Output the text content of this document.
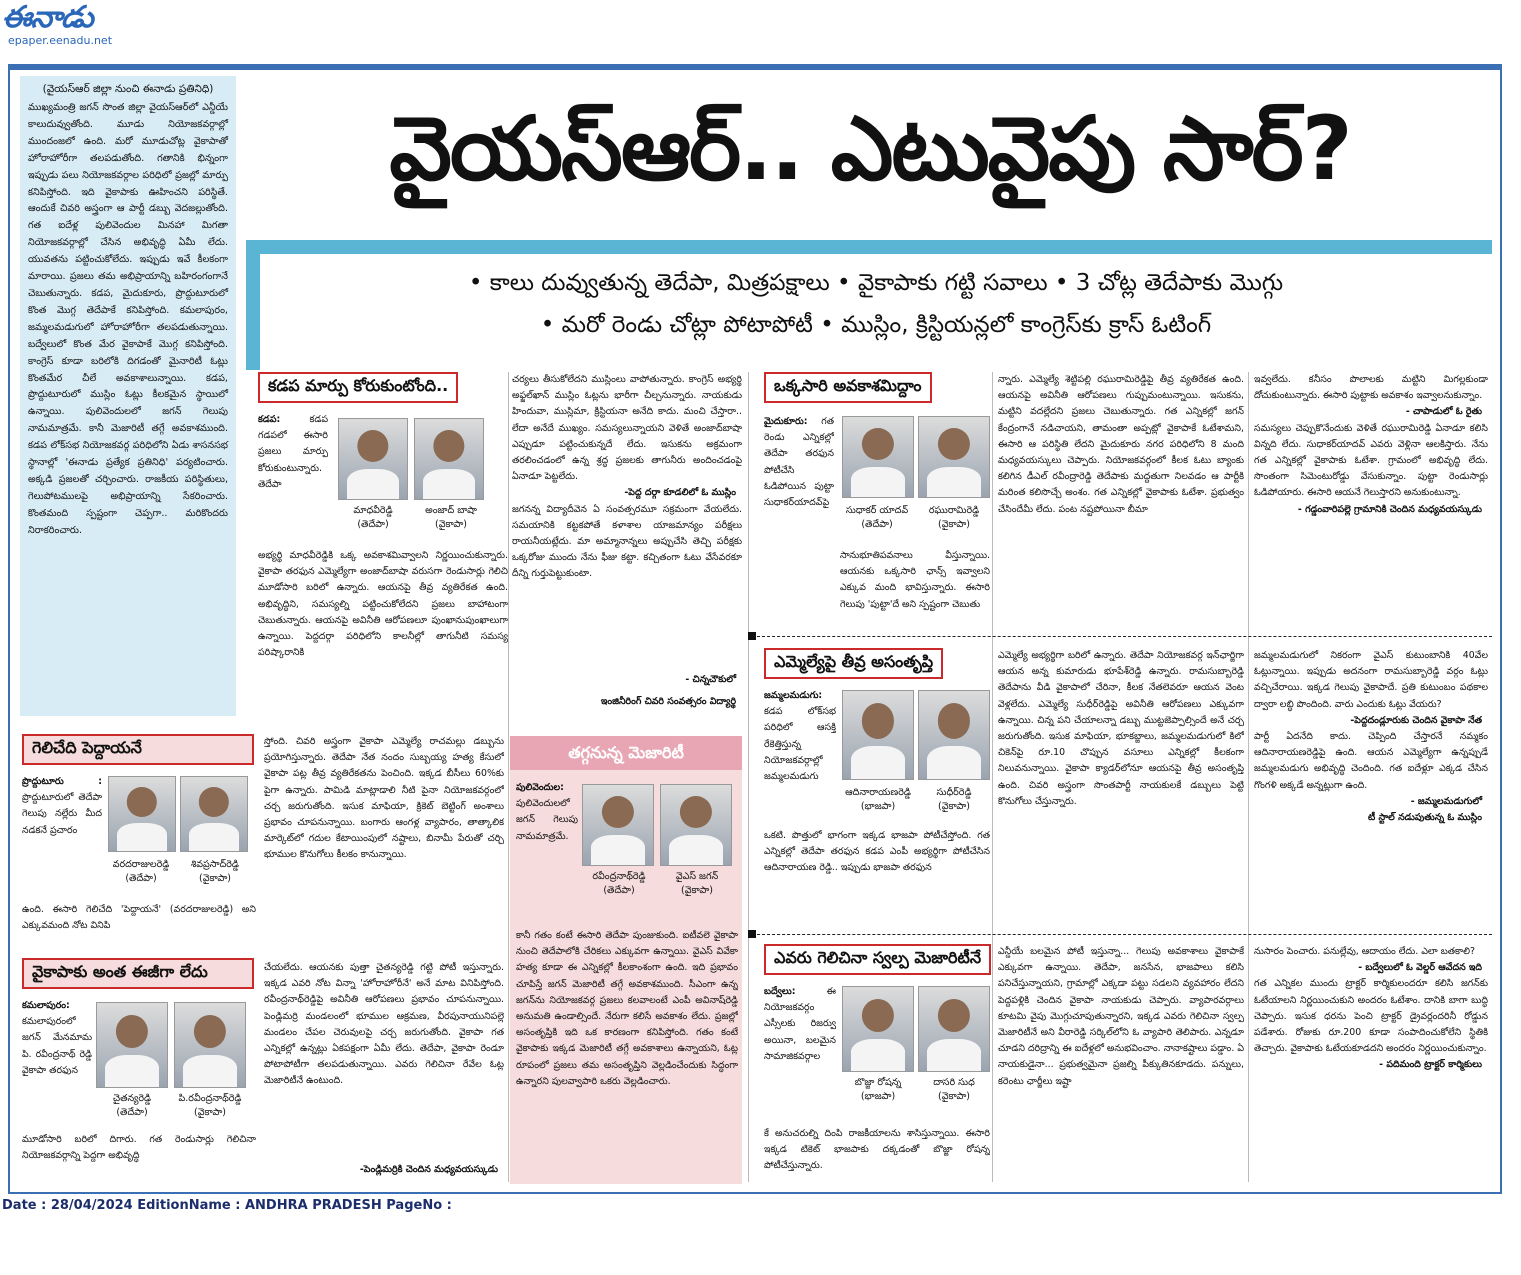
ఈనాడు
epaper.eenadu.net
(వైయస్‌ఆర్‌ జిల్లా నుంచి ఈనాడు ప్రతినిధి)
ముఖ్యమంత్రి జగన్‌ సొంత జిల్లా వైయస్‌ఆర్‌లో ఎన్డీయే కాలుదువ్వుతోంది. మూడు నియోజకవర్గాల్లో ముందంజలో ఉంది. మరో మూడుచోట్ల వైకాపాతో హోరాహోరీగా తలపడుతోంది. గతానికి భిన్నంగా ఇప్పుడు పలు నియోజకవర్గాల పరిధిలో ప్రజల్లో మార్పు కనిపిస్తోంది. ఇది వైకాపాకు ఊహించని పరిస్థితే. ఆందుకే చివరి అస్త్రంగా ఆ పార్టీ డబ్బు వెదజల్లుతోంది. గత ఐదేళ్ల పులివెందుల మినహా మిగతా నియోజకవర్గాల్లో చేసిన అభివృద్ధి ఏమీ లేదు. యువతను పట్టించుకోలేదు. ఇప్పుడు ఇవే కీలకంగా మారాయి. ప్రజలు తమ అభిప్రాయాన్ని బహిరంగంగానే చెబుతున్నారు. కడప, మైదుకూరు, ప్రొద్దుటూరులో కొంత మొగ్గ తెదేపాకే కనిపిస్తోంది. కమలాపురం, జమ్మలమడుగులో హోరాహోరీగా తలపడుతున్నాయి. బద్వేలులో కొంత మేర వైకాపాకే మొగ్గ కనిపిస్తోంది. కాంగ్రెస్‌ కూడా బరిలోకి దిగడంతో మైనారిటీ ఓట్లు కొంతమేర చీలే అవకాశాలున్నాయి. కడప, ప్రొద్దుటూరులో ముస్లిం ఓట్లు కీలకమైన స్థాయిలో ఉన్నాయి. పులివెందులలో జగన్‌ గెలుపు నామమాత్రమే. కానీ మెజారిటీ తగ్గే అవకాశముంది. కడప లోక్‌సభ నియోజకవర్గ పరిధిలోని ఏడు శాసనసభ స్థానాల్లో 'ఈనాడు ప్రత్యేక ప్రతినిధి' పర్యటించారు. అక్కడి ప్రజలతో చర్చించారు. రాజకీయ పరిస్థితులు, గెలుపోటములపై అభిప్రాయాన్ని సేకరించారు. కొంతమంది స్పష్టంగా చెప్పగా.. మరికొందరు నిరాకరించారు.
వైయస్‌ఆర్‌.. ఎటువైపు సార్‌?
• కాలు దువ్వుతున్న తెదేపా, మిత్రపక్షాలు • వైకాపాకు గట్టి సవాలు • 3 చోట్ల తెదేపాకు మొగ్గు
• మరో రెండు చోట్లా పోటాపోటీ • ముస్లిం, క్రిస్టియన్లలో కాంగ్రెస్‌కు క్రాస్‌ ఓటింగ్‌
కడప మార్పు కోరుకుంటోంది..
కడప:	కడప గడపలో ఈసారి ప్రజలు మార్పు కోరుకుంటున్నారు. తెదేపా
మాధవీరెడ్డి
(తెదేపా)
అంజాద్‌ బాషా
(వైకాపా)
అభ్యర్థి మాధవీరెడ్డికి ఒక్క అవకాశమివ్వాలని నిర్ణయించుకున్నారు. వైకాపా తరఫున ఎమ్మెల్యేగా అంజాద్‌బాషా వరుసగా రెండుసార్లు గెలిచి మూడోసారి బరిలో ఉన్నారు. ఆయనపై తీవ్ర వ్యతిరేకత ఉంది. అభివృద్ధిని, సమస్యల్ని పట్టించుకోలేదని ప్రజలు బాహాటంగా చెబుతున్నారు. ఆయనపై అవినీతి ఆరోపణలూ పుంఖానుపుంఖాలుగా ఉన్నాయి. పెద్దదర్గా పరిధిలోని కాలనీల్లో తాగునీటి సమస్య పరిష్కారానికి
చర్యలు తీసుకోలేదని ముస్లింలు వాపోతున్నారు. కాంగ్రెస్‌ అభ్యర్థి అఫ్జల్‌ఖాన్‌ ముస్లిం ఓట్లను భారీగా చీల్చనున్నారు. నాయకుడు హిందువా, ముస్లిమా, క్రిస్టియనా అనేది కాదు. మంచి చేస్తారా.. లేదా అనేదే ముఖ్యం. సమస్యలున్నాయని వెళితే అంజాద్‌బాషా ఎప్పుడూ పట్టించుకున్నదే లేదు. ఇసుకను అక్రమంగా తరలించడంలో ఉన్న శ్రద్ధ ప్రజలకు తాగునీరు అందించడంపై ఏనాడూ పెట్టలేదు.
-పెద్ద దర్గా కూడలిలో ఓ ముస్లిం
జగనన్న విద్యాదీవెన ఏ సంవత్సరమూ సక్రమంగా వేయలేదు. సమయానికి కట్టకపోతే కళాశాల యాజమాన్యం పరీక్షలు రాయనీయట్లేదు. మా అమ్మానాన్నలు అప్పుచేసి తెచ్చి పరీక్షకు ఒక్కరోజు ముందు నేను ఫీజు కట్టా. కచ్చితంగా ఓటు వేసేవరకూ దీన్ని గుర్తుపెట్టుకుంటా.
- చిన్నచౌకులో
ఇంజినీరింగ్‌ చివరి సంవత్సరం విద్యార్థి
గెలిచేది పెద్దాయనే
ప్రొద్దుటూరు : ప్రొద్దుటూరులో తెదేపా గెలుపు నల్లేరు మీద నడకనే ప్రచారం
వరదరాజులరెడ్డి
(తెదేపా)
శివప్రసాద్‌రెడ్డి
(వైకాపా)
ఉంది. ఈసారి గెలిచేది 'పెద్దాయనే' (వరదరాజులరెడ్డి) అని ఎక్కువమంది నోట వినిపి
స్తోంది. చివరి అస్త్రంగా వైకాపా ఎమ్మెల్యే రాచమల్లు డబ్బును ప్రయోగిస్తున్నారు. తెదేపా నేత నందం సుబ్బయ్య హత్య కేసులో వైకాపా పట్ల తీవ్ర వ్యతిరేకతను పెంచింది. ఇక్కడ బీసీలు 60%కు పైగా ఉన్నారు. పామిడి మాట్లాడాలి నీటి పైనా నియోజకవర్గంలో చర్చ జరుగుతోంది. ఇసుక మాఫియా, క్రికెట్‌ బెట్టింగ్‌ అంశాలు ప్రభావం చూపనున్నాయి. బంగారు ఆంగళ్ల వ్యాపారం, తాత్కాలిక మార్కెట్‌లో గదుల కేటాయింపులో నష్టాలు, బినామీ పేరుతో చర్చి భూముల కొనుగోలు కీలకం కానున్నాయి.
వైకాపాకు అంత ఈజీగా లేదు
కమలాపురం: కమలాపురంలో జగన్‌ మేనమామ పి. రవీంద్రనాథ్‌ రెడ్డి వైకాపా తరఫున
చైతన్యరెడ్డి
(తెదేపా)
పి.రవీంద్రనాథ్‌రెడ్డి
(వైకాపా)
మూడోసారి బరిలో దిగారు. గత రెండుసార్లు గెలిచినా నియోజకవర్గాన్ని పెద్దగా అభివృద్ధి
చేయలేదు. ఆయనకు పుత్తా చైతన్యరెడ్డి గట్టి పోటీ ఇస్తున్నారు. ఇక్కడ ఎవరి నోట విన్నా 'హోరాహోరీనే' అనే మాట వినిపిస్తోంది. రవీంద్రనాథ్‌రెడ్డిపై అవినీతి ఆరోపణలు ప్రభావం చూపనున్నాయి. పెండ్లిమర్రి మండలంలో భూముల ఆక్రమణ, వీరపునాయునిపల్లె మండలం చేపల చెరువులపై చర్చ జరుగుతోంది. వైకాపా గత ఎన్నికల్లో ఉన్నట్లు ఏకపక్షంగా ఏమీ లేదు. తెదేపా, వైకాపా రెండూ పోటాపోటీగా తలపడుతున్నాయి. ఎవరు గెలిచినా రేవేల ఓట్ల మెజారిటీనే ఉంటుంది.
-పెండ్లిమర్రికి చెందిన మధ్యవయస్కుడు
తగ్గనున్న మెజారిటీ
పులివెందుల: పులివెందులలో జగన్‌ గెలుపు నామమాత్రమే.
రవీంద్రనాథ్‌రెడ్డి
(తెదేపా)
వైఎస్‌ జగన్‌
(వైకాపా)
కానీ గతం కంటే ఈసారి తెదేపా పుంజుకుంది. ఐటీవలె వైకాపా నుంచి తెదేపాలోకి చేరికలు ఎక్కువగా ఉన్నాయి. వైఎస్‌ వివేకా హత్య కూడా ఈ ఎన్నికల్లో కీలకాంశంగా ఉంది. ఇది ప్రభావం చూపిస్తే జగన్‌ మెజారిటీ తగ్గే అవకాశముంది. సీఎంగా ఉన్న జగన్‌ను నియోజకవర్గ ప్రజలు కలవాలంటే ఎంపీ అవినాష్‌రెడ్డి అనుమతి ఉండాల్సిందే. నేరుగా కలిసే అవకాశం లేదు. ప్రజల్లో అసంతృప్తికి ఇది ఒక కారణంగా కనిపిస్తోంది. గతం కంటే వైకాపాకు ఇక్కడ మెజారిటీ తగ్గే అవకాశాలు ఉన్నాయని, ఓట్ల రూపంలో ప్రజలు తమ అసంతృప్తిని వెల్లడించేందుకు సిద్ధంగా ఉన్నారని పులవ్వాపారి ఒకరు వెల్లడించారు.
ఒక్కసారి అవకాశమిద్దాం
మైదుకూరు: గత రెండు ఎన్నికల్లో తెదేపా తరఫున పోటీచేసి ఓడిపోయిన పుట్టా సుధాకర్‌యాదవ్‌పై
సుధాకర్‌ యాదవ్‌
(తెదేపా)
రఘురామిరెడ్డి
(వైకాపా)
సానుభూతిపవనాలు వీస్తున్నాయి. ఆయనకు ఒక్కసారి ఛాన్స్‌ ఇవ్వాలని ఎక్కువ మంది భావిస్తున్నారు. ఈసారి గెలుపు 'పుట్టా'దే అని స్పష్టంగా చెబుతు
న్నారు. ఎమ్మెల్యే శెట్టిపల్లి రఘురామిరెడ్డిపై తీవ్ర వ్యతిరేకత ఉంది. ఆయనపై అవినీతి ఆరోపణలు గుప్పుమంటున్నాయి. ఇసుకను, మట్టిని వదల్లేదని ప్రజలు చెబుతున్నారు. గత ఎన్నికల్లో జగన్‌ కేంద్రంగానే నడిచాయని, తామంతా అప్పట్లో వైకాపాకే ఓటేశామని, ఈసారి ఆ పరిస్థితి లేదని మైదుకూరు నగర పరిధిలోని 8 మంది మధ్యవయస్కులు చెప్పారు. నియోజకవర్గంలో కీలక ఓటు బ్యాంకు కలిగిన డీఎల్‌ రవీంద్రారెడ్డి తెదేపాకు మద్దతుగా నిలవడం ఆ పార్టీకి మరింత కలిసొచ్చే అంశం. గత ఎన్నికల్లో వైకాపాకు ఓటేశా. ప్రభుత్వం చేసిందేమీ లేదు. పంట నష్టపోయినా బీమా
ఇవ్వలేదు. కనీసం పొలాలకు మట్టిని మిగల్లకుండా దోచుకుంటున్నారు. ఈసారి పుట్టాకు అవకాశం ఇవ్వాలనుకున్నాం.
- చాపాడులో ఓ రైతు
సమస్యలు చెప్పుకొనేందుకు వెళితే రఘురామిరెడ్డి ఏనాడూ కలిసి విన్నది లేదు. సుధాకర్‌యాదవ్‌ ఎవరు వెళ్లినా ఆలకిస్తారు. నేను గత ఎన్నికల్లో వైకాపాకు ఓటేశా. గ్రామంలో అభివృద్ధి లేదు. సొంతంగా సిమెంటురోడ్డు వేసుకున్నాం. పుట్టా రెండుసార్లు ఓడిపోయారు. ఈసారి ఆయనే గెలుస్తారని అనుకుంటున్నా.
- గడ్డంవారిపల్లె గ్రామానికి చెందిన మధ్యవయస్కుడు
ఎమ్మెల్యేపై తీవ్ర అసంతృప్తి
జమ్మలమడుగు: కడప లోక్‌సభ పరిధిలో ఆసక్తి రేకెత్తిస్తున్న నియోజకవర్గాల్లో జమ్మలమడుగు
ఆదినారాయణరెడ్డి
(భాజపా)
సుధీర్‌రెడ్డి
(వైకాపా)
ఒకటి. పొత్తులో భాగంగా ఇక్కడ భాజపా పోటీచేస్తోంది. గత ఎన్నికల్లో తెదేపా తరఫున కడప ఎంపీ అభ్యర్థిగా పోటీచేసిన ఆదినారాయణ రెడ్డి.. ఇప్పుడు భాజపా తరఫున
ఎమ్మెల్యే అభ్యర్థిగా బరిలో ఉన్నారు. తెదేపా నియోజకవర్గ ఇన్‌ఛార్జిగా ఆయన అన్న కుమారుడు భూపేశ్‌రెడ్డి ఉన్నారు. రామసుబ్బారెడ్డి తెదేపాను వీడి వైకాపాలో చేరినా, కీలక నేతలెవరూ ఆయన వెంట వెళ్లలేదు. ఎమ్మెల్యే సుధీర్‌రెడ్డిపై అవినీతి ఆరోపణలు ఎక్కువగా ఉన్నాయి. చిన్న పని చేయాలన్నా డబ్బు ముట్టజెప్పాల్సిందే అనే చర్చ జరుగుతోంది. ఇసుక మాఫియా, భూకబ్జాలు, జమ్మలమడుగులో కిలో చికెన్‌పై రూ.10 చొప్పున వసూలు ఎన్నికల్లో కీలకంగా నిలువనున్నాయి. వైకాపా క్యాడర్‌లోనూ ఆయనపై తీవ్ర అసంతృప్తి ఉంది. చివరి అస్త్రంగా సొంతపార్టీ నాయకులకే డబ్బులు పెట్టి కొనుగోలు చేస్తున్నారు.
జమ్మలమడుగులో నికరంగా వైఎస్‌ కుటుంబానికి 40వేల ఓట్లున్నాయి. ఇప్పుడు అదనంగా రామసుబ్బారెడ్డి వర్గం ఓట్లు వచ్చిచేరాయి. ఇక్కడ గెలుపు వైకాపాదే. ప్రతి కుటుంబం పథకాల ద్వారా లబ్ధి పొందింది. వారు ఎందుకు ఓట్లు వేయరు?
-పెద్దదండ్లూరుకు చెందిన వైకాపా నేత
పార్టీ ఏదనేది కాదు. చెప్పింది చేస్తారనే నమ్మకం ఆదినారాయణరెడ్డిపై ఉంది. ఆయన ఎమ్మెల్యేగా ఉన్నప్పుడే జమ్మలమడుగు అభివృద్ధి చెందింది. గత ఐదేళ్లూ ఎక్కడ చేసిన గొంగళి అక్కడే అన్నట్లుగా ఉంది.
- జమ్మలమడుగులో
టీ స్టాల్‌ నడుపుతున్న ఓ ముస్లిం
ఎవరు గెలిచినా స్వల్ప మెజారిటీనే
బద్వేలు:	ఈ నియోజకవర్గం ఎస్సీలకు రిజర్వు అయినా, బలమైన సామాజికవర్గాల
బొజ్జా రోషన్న
(భాజపా)
దాసరి సుధ
(వైకాపా)
కే అనుచరుల్ని దింపి రాజకీయాలను శాసిస్తున్నాయి. ఈసారి ఇక్కడ టికెట్‌ భాజపాకు దక్కడంతో బొజ్జా రోషన్న పోటీచేస్తున్నారు.
ఎన్డీయే బలమైన పోటీ ఇస్తున్నా... గెలుపు అవకాశాలు వైకాపాకే ఎక్కువగా ఉన్నాయి. తెదేపా, జనసేన, భాజపాలు కలిసి పనిచేస్తున్నాయని, గ్రామాల్లో ఎక్కడా పట్టు సడలని వ్యవహారం లేదని పెద్దపళ్లికి చెందిన వైకాపా నాయకుడు చెప్పారు. వ్యాపారవర్గాలు కూటమి వైపు మొగ్గుచూపుతున్నారని, ఇక్కడ ఎవరు గెలిచినా స్వల్ప మెజారిటీనే అని వీరారెడ్డి సర్కిల్‌లోని ఓ వ్యాపారి తెలిపారు. ఎన్నడూ చూడని దరిద్రాన్ని ఈ ఐదేళ్లలో అనుభవించాం. నానాకష్టాలు పడ్డాం. ఏ నాయకుడైనా... ప్రభుత్వమైనా ప్రజల్ని పీక్కుతినకూడదు. పన్నులు, కరెంటు ఛార్జీలు ఇష్టా
నుసారం పెంచారు. పనుల్లేవు, ఆదాయం లేదు. ఎలా బతకాలి?
- బద్వేలులో ఓ వెల్డర్‌ ఆవేదన ఇది
గత ఎన్నికల ముందు ట్రాక్టర్‌ కార్మికులందరూ కలిసి జగన్‌కు ఓటేయాలని నిర్ణయించుకుని అందరం ఓటేశాం. దానికి బాగా బుద్ధి చెప్పారు. ఇసుక ధరను పెంచి ట్రాక్టర్‌ డ్రైవర్లందరినీ రోడ్డున పడేశారు. రోజుకు రూ.200 కూడా సంపాదించుకోలేని స్థితికి తెచ్చారు. వైకాపాకు ఓటేయకూడదని అందరం నిర్ణయించుకున్నాం.
- పదిమంది ట్రాక్టర్‌ కార్మికులు
Date : 28/04/2024 EditionName : ANDHRA PRADESH PageNo :
